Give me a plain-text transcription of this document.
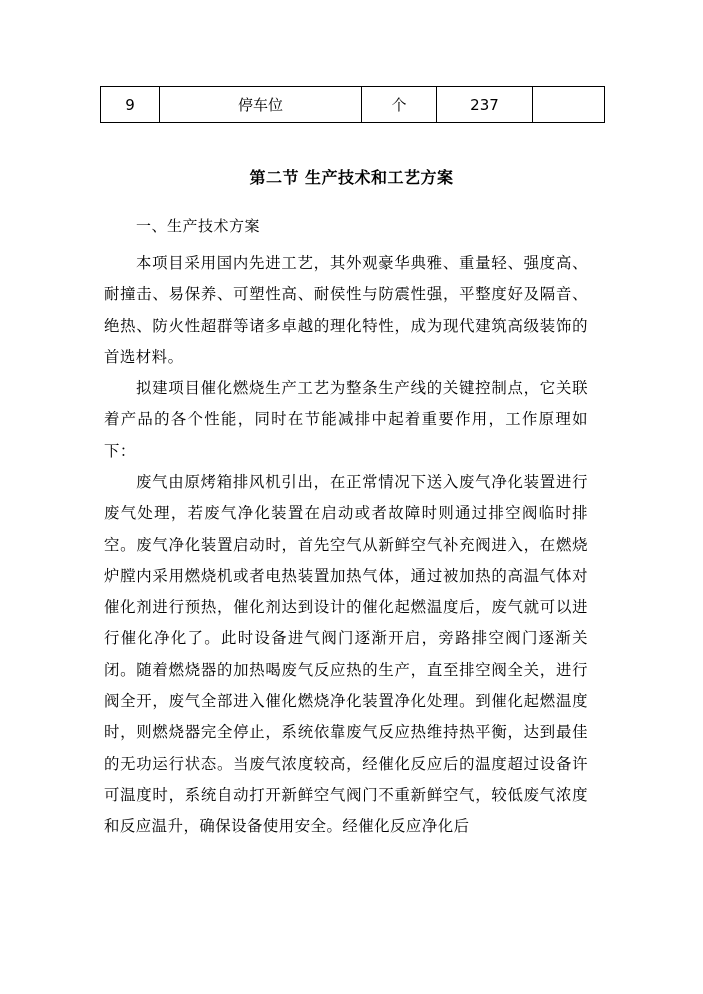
9	停车位	个	237	
第二节 生产技术和工艺方案
一、生产技术方案

本项目采用国内先进工艺，其外观豪华典雅、重量轻、强度高、耐撞击、易保养、可塑性高、耐侯性与防震性强，平整度好及隔音、绝热、防火性超群等诸多卓越的理化特性，成为现代建筑高级装饰的首选材料。

拟建项目催化燃烧生产工艺为整条生产线的关键控制点，它关联着产品的各个性能，同时在节能减排中起着重要作用，工作原理如下：

废气由原烤箱排风机引出，在正常情况下送入废气净化装置进行废气处理，若废气净化装置在启动或者故障时则通过排空阀临时排空。废气净化装置启动时，首先空气从新鲜空气补充阀进入，在燃烧炉膛内采用燃烧机或者电热装置加热气体，通过被加热的高温气体对催化剂进行预热，催化剂达到设计的催化起燃温度后，废气就可以进行催化净化了。此时设备进气阀门逐渐开启，旁路排空阀门逐渐关闭。随着燃烧器的加热喝废气反应热的生产，直至排空阀全关，进行阀全开，废气全部进入催化燃烧净化装置净化处理。到催化起燃温度时，则燃烧器完全停止，系统依靠废气反应热维持热平衡，达到最佳的无功运行状态。当废气浓度较高，经催化反应后的温度超过设备许可温度时，系统自动打开新鲜空气阀门不重新鲜空气，较低废气浓度和反应温升，确保设备使用安全。经催化反应净化后
